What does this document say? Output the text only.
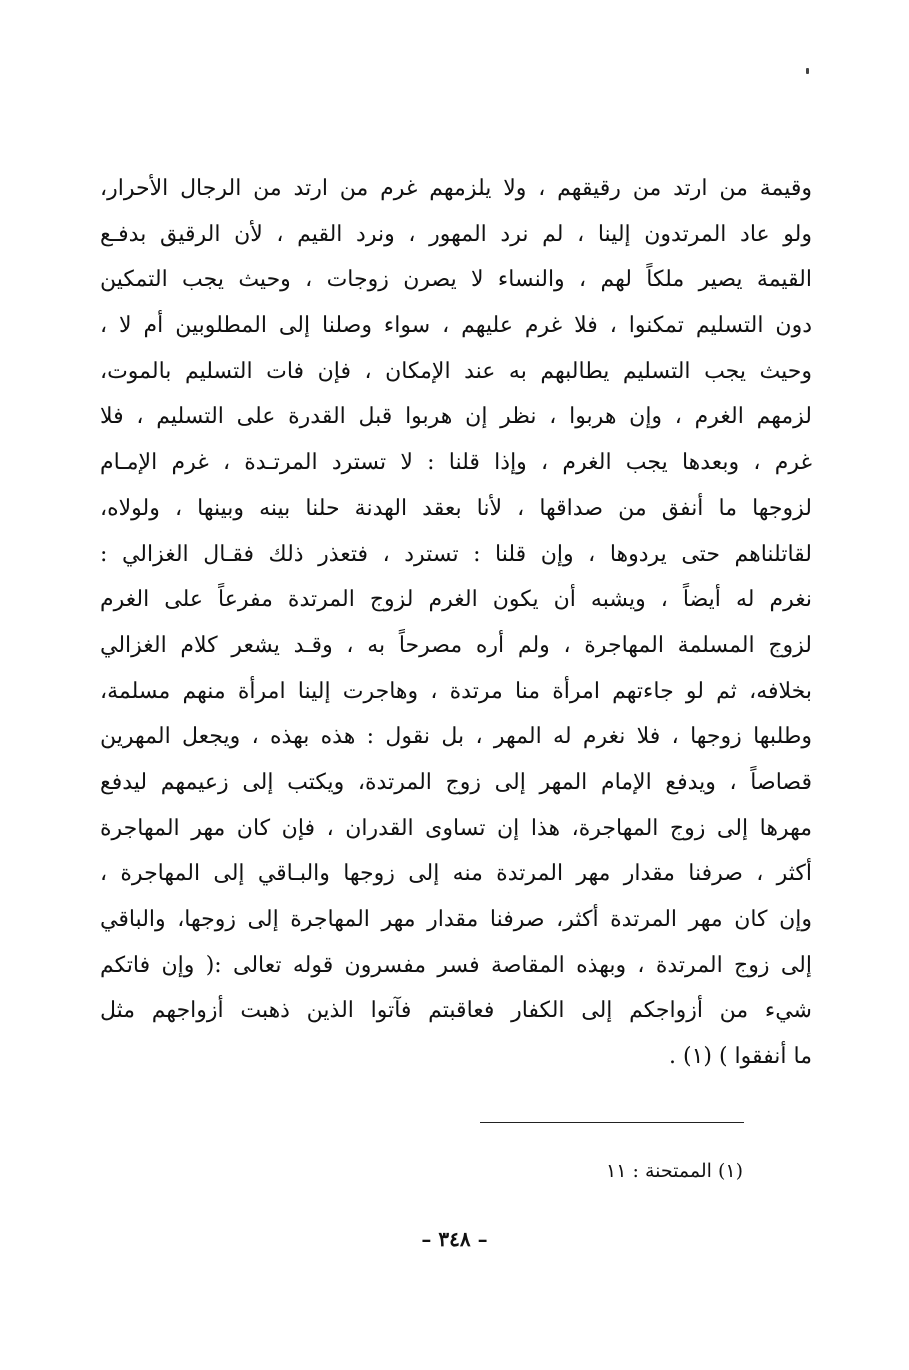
وقيمة من ارتد من رقيقهم ، ولا يلزمهم غرم من ارتد من الرجال الأحرار،
ولو عاد المرتدون إلينا ، لم نرد المهور ، ونرد القيم ، لأن الرقيق بدفـع
القيمة يصير ملكاً لهم ، والنساء لا يصرن زوجات ، وحيث يجب التمكين
دون التسليم تمكنوا ، فلا غرم عليهم ، سواء وصلنا إلى المطلوبين أم لا ،
وحيث يجب التسليم يطالبهم به عند الإمكان ، فإن فات التسليم بالموت،
لزمهم الغرم ، وإن هربوا ، نظر إن هربوا قبل القدرة على التسليم ، فلا
غرم ، وبعدها يجب الغرم ، وإذا قلنا : لا تسترد المرتـدة ، غرم الإمـام
لزوجها ما أنفق من صداقها ، لأنا بعقد الهدنة حلنا بينه وبينها ، ولولاه،
لقاتلناهم حتى يردوها ، وإن قلنا : تسترد ، فتعذر ذلك فقـال الغزالي :
نغرم له أيضاً ، ويشبه أن يكون الغرم لزوج المرتدة مفرعاً على الغرم
لزوج المسلمة المهاجرة ، ولم أره مصرحاً به ، وقـد يشعر كلام الغزالي
بخلافه، ثم لو جاءتهم امرأة منا مرتدة ، وهاجرت إلينا امرأة منهم مسلمة،
وطلبها زوجها ، فلا نغرم له المهر ، بل نقول : هذه بهذه ، ويجعل المهرين
قصاصاً ، ويدفع الإمام المهر إلى زوج المرتدة، ويكتب إلى زعيمهم ليدفع
مهرها إلى زوج المهاجرة، هذا إن تساوى القدران ، فإن كان مهر المهاجرة
أكثر ، صرفنا مقدار مهر المرتدة منه إلى زوجها والبـاقي إلى المهاجرة ،
وإن كان مهر المرتدة أكثر، صرفنا مقدار مهر المهاجرة إلى زوجها، والباقي
إلى زوج المرتدة ، وبهذه المقاصة فسر مفسرون قوله تعالى :( وإن فاتكم
شيء من أزواجكم إلى الكفار فعاقبتم فآتوا الذين ذهبت أزواجهم مثل
ما أنفقوا ) (١) .
(١) الممتحنة : ١١
– ٣٤٨ –
